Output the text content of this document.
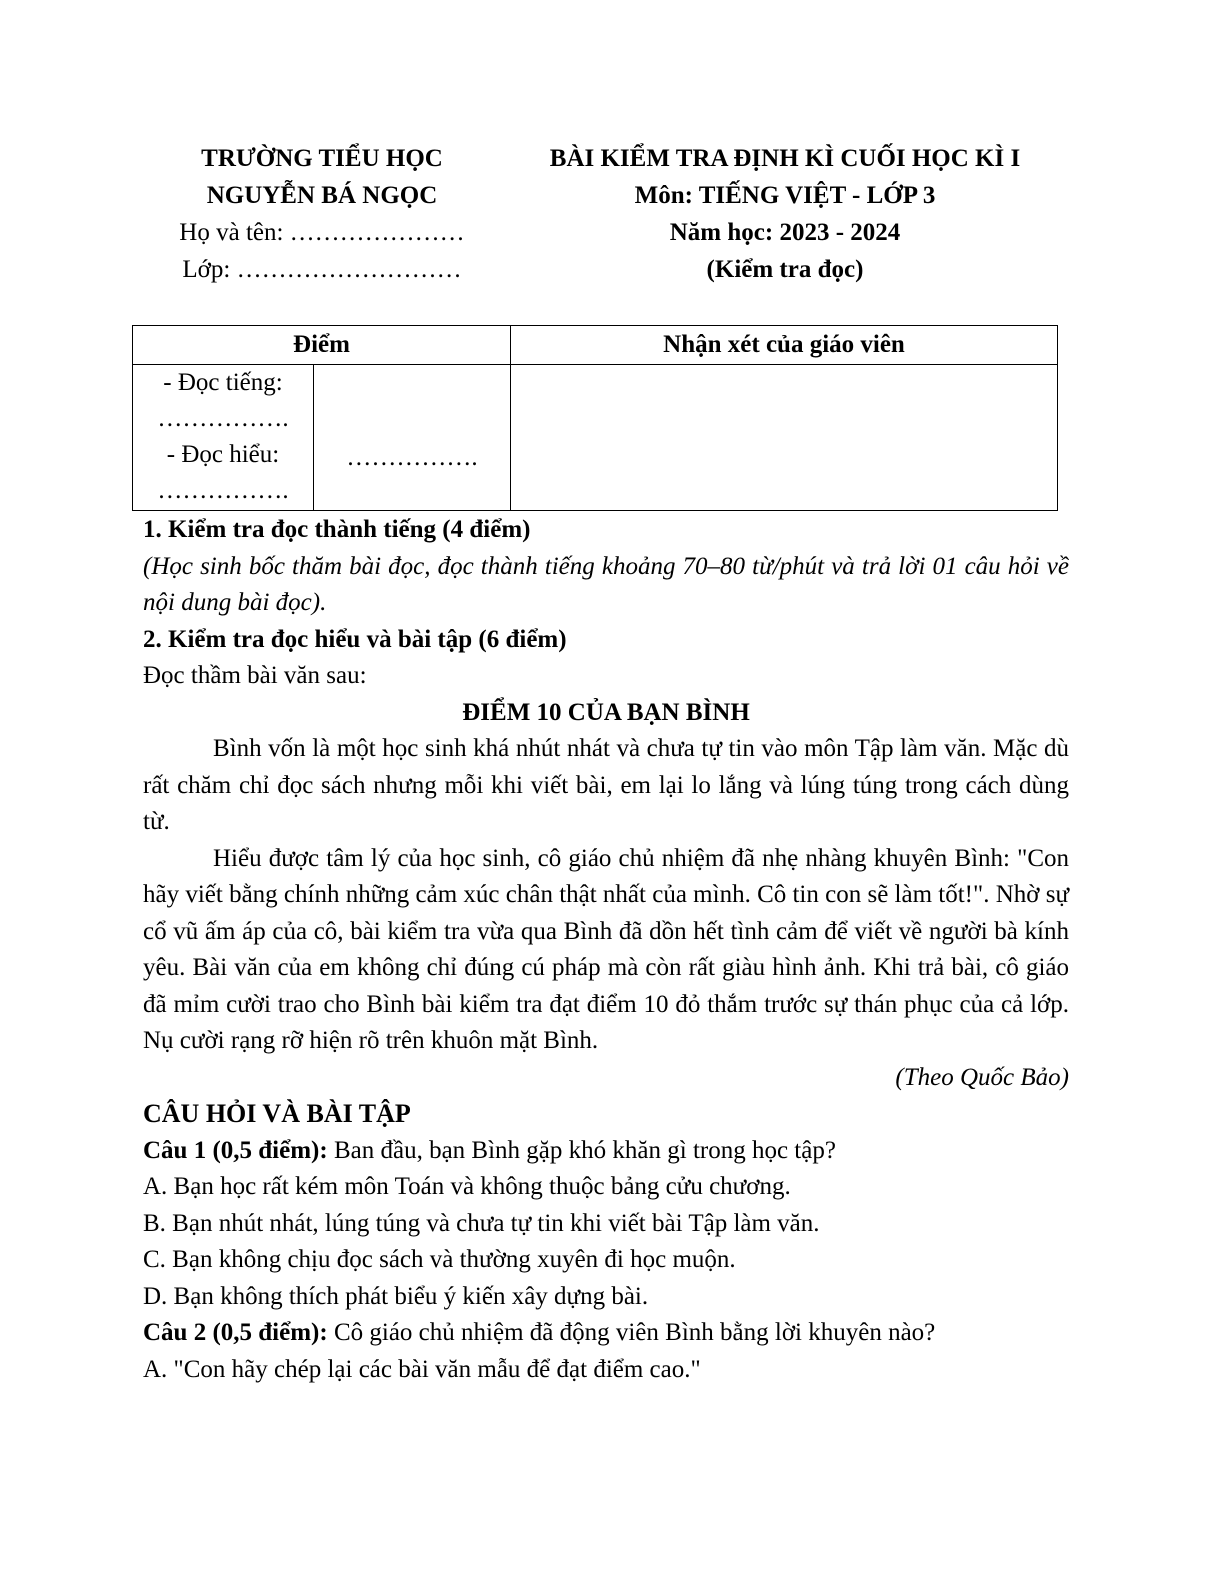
TRƯỜNG TIỂU HỌC
NGUYỄN BÁ NGỌC
Họ và tên: …………………
Lớp: ………………………
BÀI KIỂM TRA ĐỊNH KÌ CUỐI HỌC KÌ I
Môn: TIẾNG VIỆT - LỚP 3
Năm học: 2023 - 2024
(Kiểm tra đọc)
Điểm		Nhận xét của giáo viên

- Đọc tiếng:
…………….
- Đọc hiểu:
…………….	…………….	

1. Kiểm tra đọc thành tiếng (4 điểm)

(Học sinh bốc thăm bài đọc, đọc thành tiếng khoảng 70–80 từ/phút và trả lời 01 câu hỏi về nội dung bài đọc).

2. Kiểm tra đọc hiểu và bài tập (6 điểm)

Đọc thầm bài văn sau:

ĐIỂM 10 CỦA BẠN BÌNH

Bình vốn là một học sinh khá nhút nhát và chưa tự tin vào môn Tập làm văn. Mặc dù rất chăm chỉ đọc sách nhưng mỗi khi viết bài, em lại lo lắng và lúng túng trong cách dùng từ.

Hiểu được tâm lý của học sinh, cô giáo chủ nhiệm đã nhẹ nhàng khuyên Bình: "Con hãy viết bằng chính những cảm xúc chân thật nhất của mình. Cô tin con sẽ làm tốt!". Nhờ sự cổ vũ ấm áp của cô, bài kiểm tra vừa qua Bình đã dồn hết tình cảm để viết về người bà kính yêu. Bài văn của em không chỉ đúng cú pháp mà còn rất giàu hình ảnh. Khi trả bài, cô giáo đã mỉm cười trao cho Bình bài kiểm tra đạt điểm 10 đỏ thắm trước sự thán phục của cả lớp. Nụ cười rạng rỡ hiện rõ trên khuôn mặt Bình.

(Theo Quốc Bảo)

CÂU HỎI VÀ BÀI TẬP

Câu 1 (0,5 điểm): Ban đầu, bạn Bình gặp khó khăn gì trong học tập?

A. Bạn học rất kém môn Toán và không thuộc bảng cửu chương.

B. Bạn nhút nhát, lúng túng và chưa tự tin khi viết bài Tập làm văn.

C. Bạn không chịu đọc sách và thường xuyên đi học muộn.

D. Bạn không thích phát biểu ý kiến xây dựng bài.

Câu 2 (0,5 điểm): Cô giáo chủ nhiệm đã động viên Bình bằng lời khuyên nào?

A. "Con hãy chép lại các bài văn mẫu để đạt điểm cao."
